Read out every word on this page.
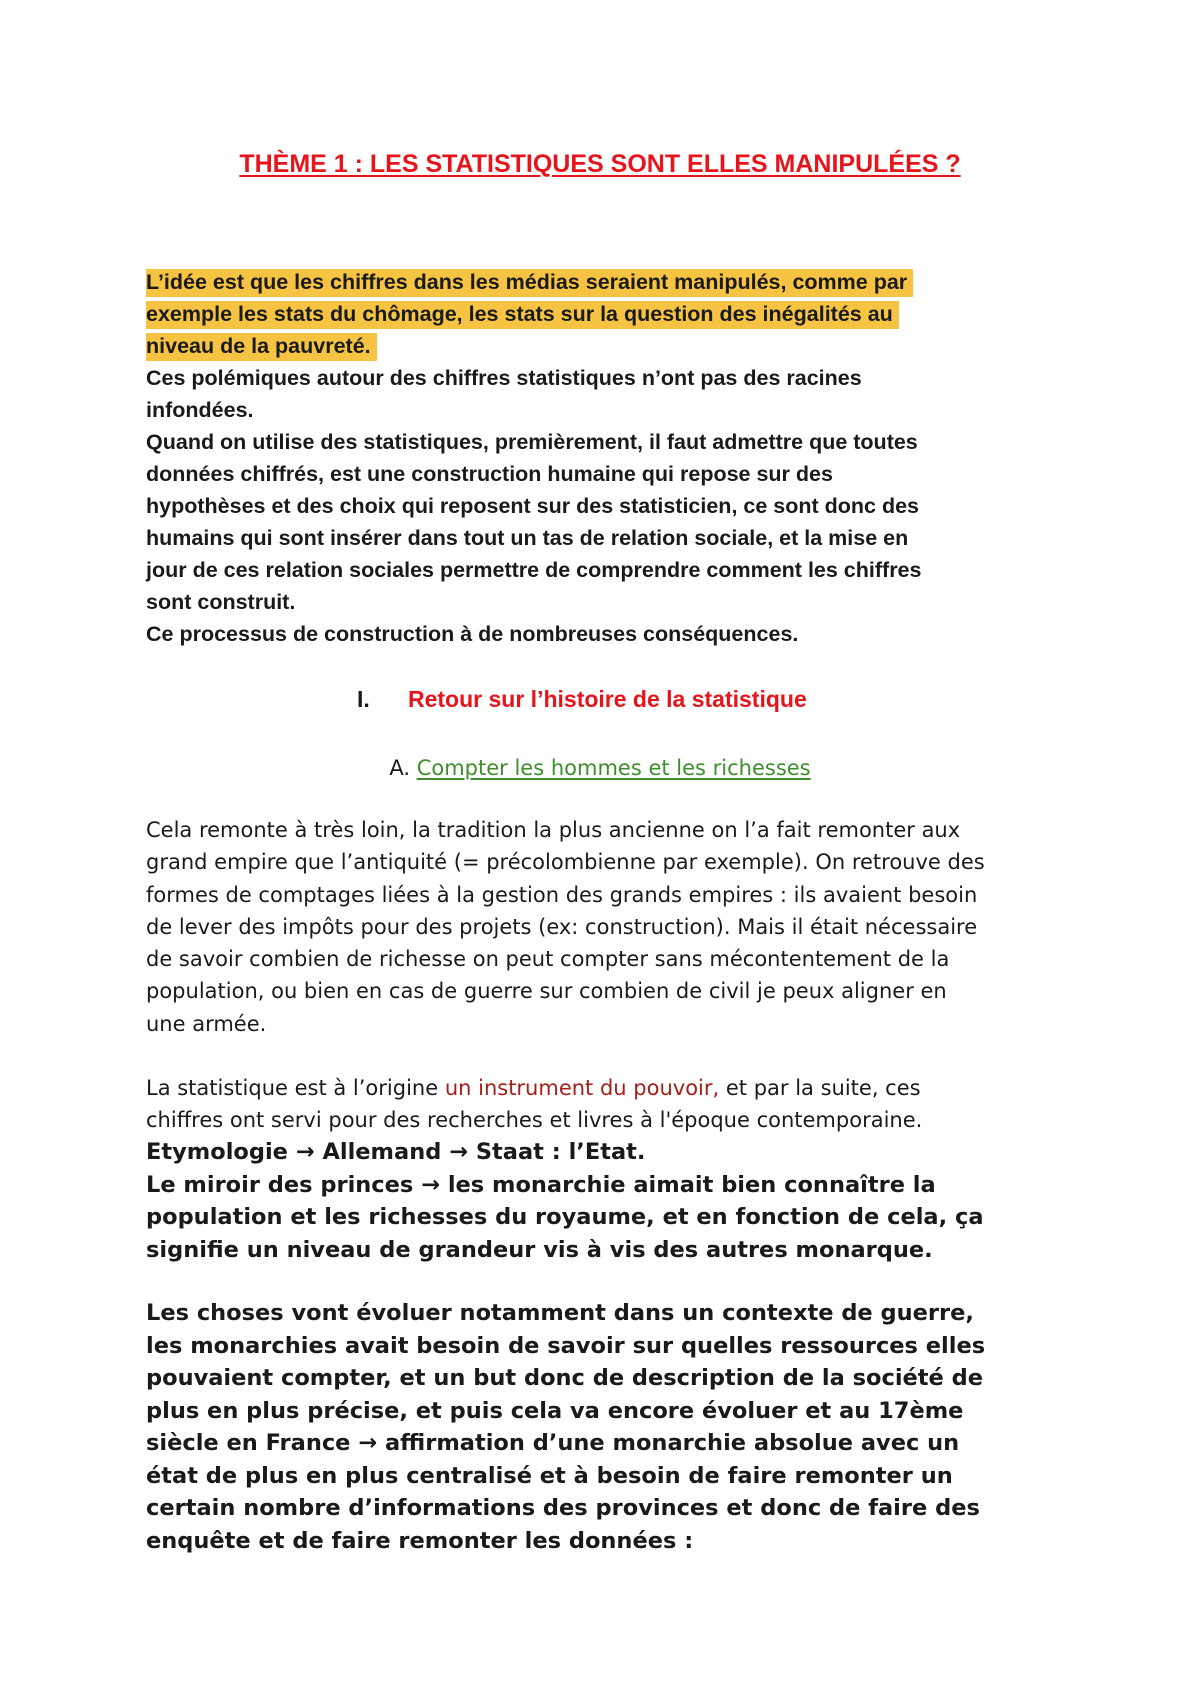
THÈME 1 : LES STATISTIQUES SONT ELLES MANIPULÉES ?
L’idée est que les chiffres dans les médias seraient manipulés, comme par
exemple les stats du chômage, les stats sur la question des inégalités au
niveau de la pauvreté.
Ces polémiques autour des chiffres statistiques n’ont pas des racines
infondées.
Quand on utilise des statistiques, premièrement, il faut admettre que toutes
données chiffrés, est une construction humaine qui repose sur des
hypothèses et des choix qui reposent sur des statisticien, ce sont donc des
humains qui sont insérer dans tout un tas de relation sociale, et la mise en
jour de ces relation sociales permettre de comprendre comment les chiffres
sont construit.
Ce processus de construction à de nombreuses conséquences.
I. Retour sur l’histoire de la statistique
A. Compter les hommes et les richesses
Cela remonte à très loin, la tradition la plus ancienne on l’a fait remonter aux
grand empire que l’antiquité (= précolombienne par exemple). On retrouve des
formes de comptages liées à la gestion des grands empires : ils avaient besoin
de lever des impôts pour des projets (ex: construction). Mais il était nécessaire
de savoir combien de richesse on peut compter sans mécontentement de la
population, ou bien en cas de guerre sur combien de civil je peux aligner en
une armée.
La statistique est à l’origine un instrument du pouvoir, et par la suite, ces
chiffres ont servi pour des recherches et livres à l'époque contemporaine.
Etymologie → Allemand → Staat : l’Etat.
Le miroir des princes → les monarchie aimait bien connaître la
population et les richesses du royaume, et en fonction de cela, ça
signifie un niveau de grandeur vis à vis des autres monarque.
Les choses vont évoluer notamment dans un contexte de guerre,
les monarchies avait besoin de savoir sur quelles ressources elles
pouvaient compter, et un but donc de description de la société de
plus en plus précise, et puis cela va encore évoluer et au 17ème
siècle en France → affirmation d’une monarchie absolue avec un
état de plus en plus centralisé et à besoin de faire remonter un
certain nombre d’informations des provinces et donc de faire des
enquête et de faire remonter les données :
